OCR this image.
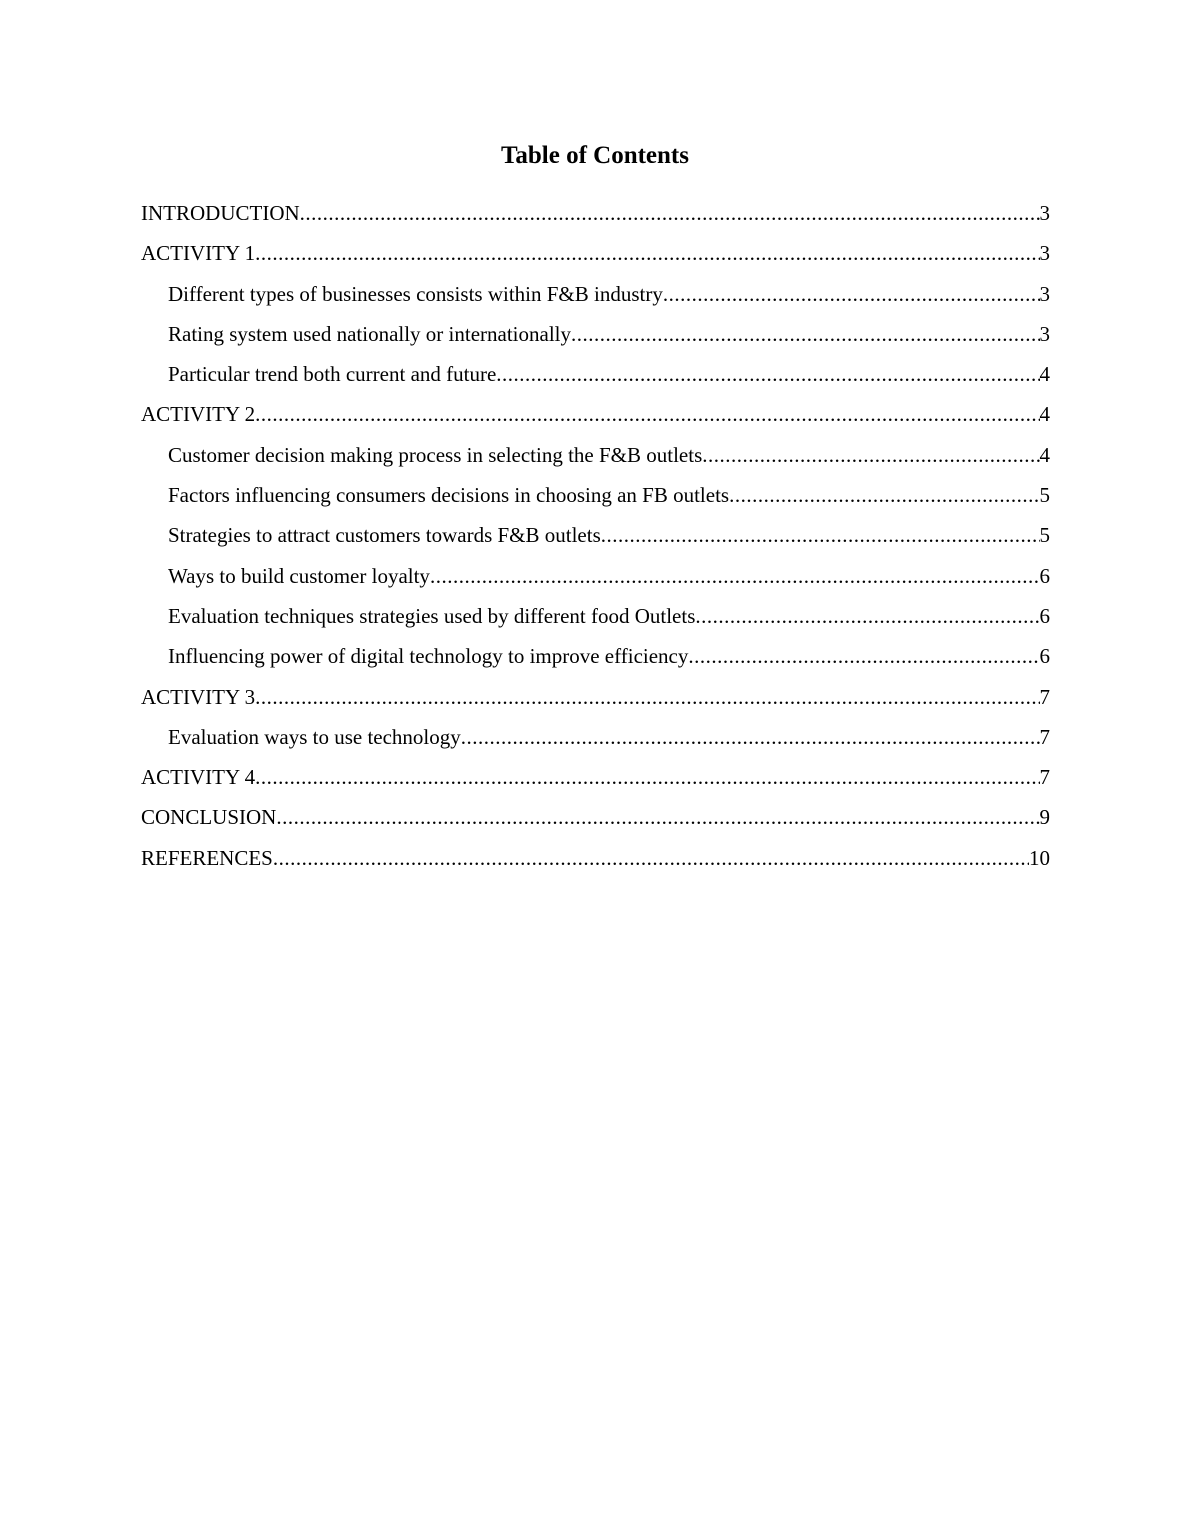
Table of Contents
INTRODUCTION .....	3
ACTIVITY 1 .....	3
Different types of businesses consists within F&B industry .....	3
Rating system used nationally or internationally .....	3
Particular trend both current and future .....	4
ACTIVITY 2 .....	4
Customer decision making process in selecting the F&B outlets .....	4
Factors influencing consumers decisions in choosing an FB outlets .....	5
Strategies to attract customers towards F&B outlets .....	5
Ways to build customer loyalty .....	6
Evaluation techniques strategies used by different food Outlets .....	6
Influencing power of digital technology to improve efficiency .....	6
ACTIVITY 3 .....	7
Evaluation ways to use technology .....	7
ACTIVITY 4 .....	7
CONCLUSION .....	9
REFERENCES .....	10
